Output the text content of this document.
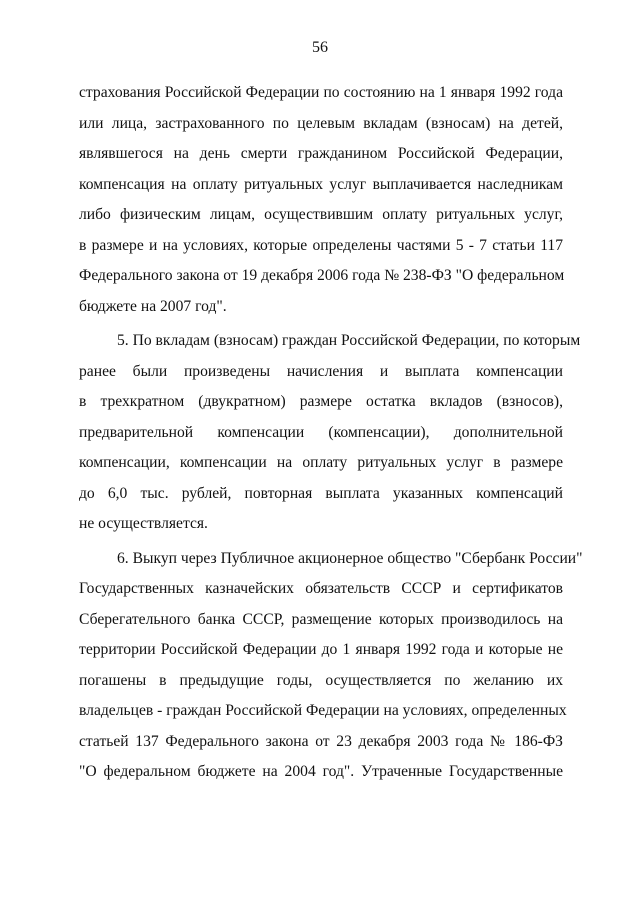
56
страхования Российской Федерации по состоянию на 1 января 1992 года
или лица, застрахованного по целевым вкладам (взносам) на детей,
являвшегося на день смерти гражданином Российской Федерации,
компенсация на оплату ритуальных услуг выплачивается наследникам
либо физическим лицам, осуществившим оплату ритуальных услуг,
в размере и на условиях, которые определены частями 5 - 7 статьи 117
Федерального закона от 19 декабря 2006 года № 238-ФЗ "О федеральном
бюджете на 2007 год".
5. По вкладам (взносам) граждан Российской Федерации, по которым
ранее были произведены начисления и выплата компенсации
в трехкратном (двукратном) размере остатка вкладов (взносов),
предварительной компенсации (компенсации), дополнительной
компенсации, компенсации на оплату ритуальных услуг в размере
до 6,0 тыс. рублей, повторная выплата указанных компенсаций
не осуществляется.
6. Выкуп через Публичное акционерное общество "Сбербанк России"
Государственных казначейских обязательств СССР и сертификатов
Сберегательного банка СССР, размещение которых производилось на
территории Российской Федерации до 1 января 1992 года и которые не
погашены в предыдущие годы, осуществляется по желанию их
владельцев - граждан Российской Федерации на условиях, определенных
статьей 137 Федерального закона от 23 декабря 2003 года № 186-ФЗ
"О федеральном бюджете на 2004 год". Утраченные Государственные
